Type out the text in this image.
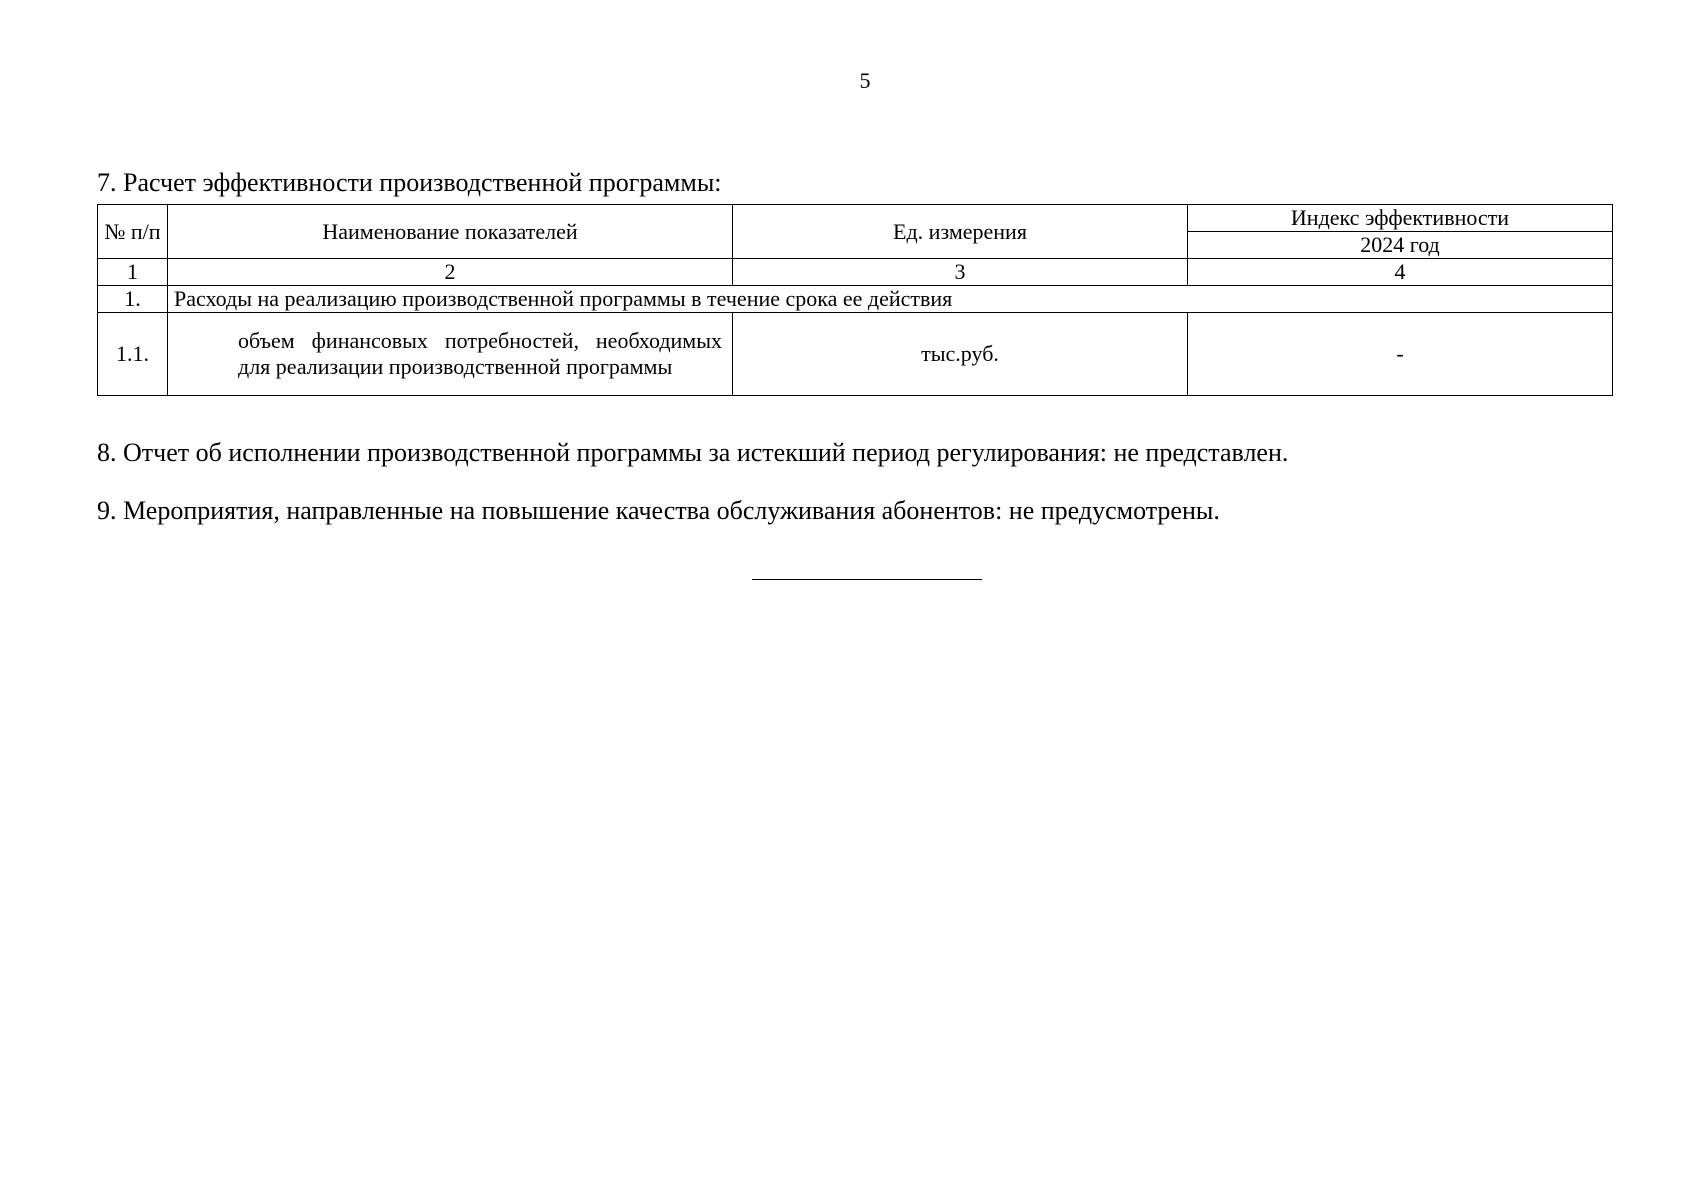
5
7. Расчет эффективности производственной программы:
№ п/п	Наименование показателей	Ед. измерения	Индекс эффективности
			2024 год
1	2	3	4
1.	Расходы на реализацию производственной программы в течение срока ее действия		
1.1.	объем финансовых потребностей, необходимых для реализации производственной программы	тыс.руб.	-
8. Отчет об исполнении производственной программы за истекший период регулирования: не представлен.
9. Мероприятия, направленные на повышение качества обслуживания абонентов: не предусмотрены.
